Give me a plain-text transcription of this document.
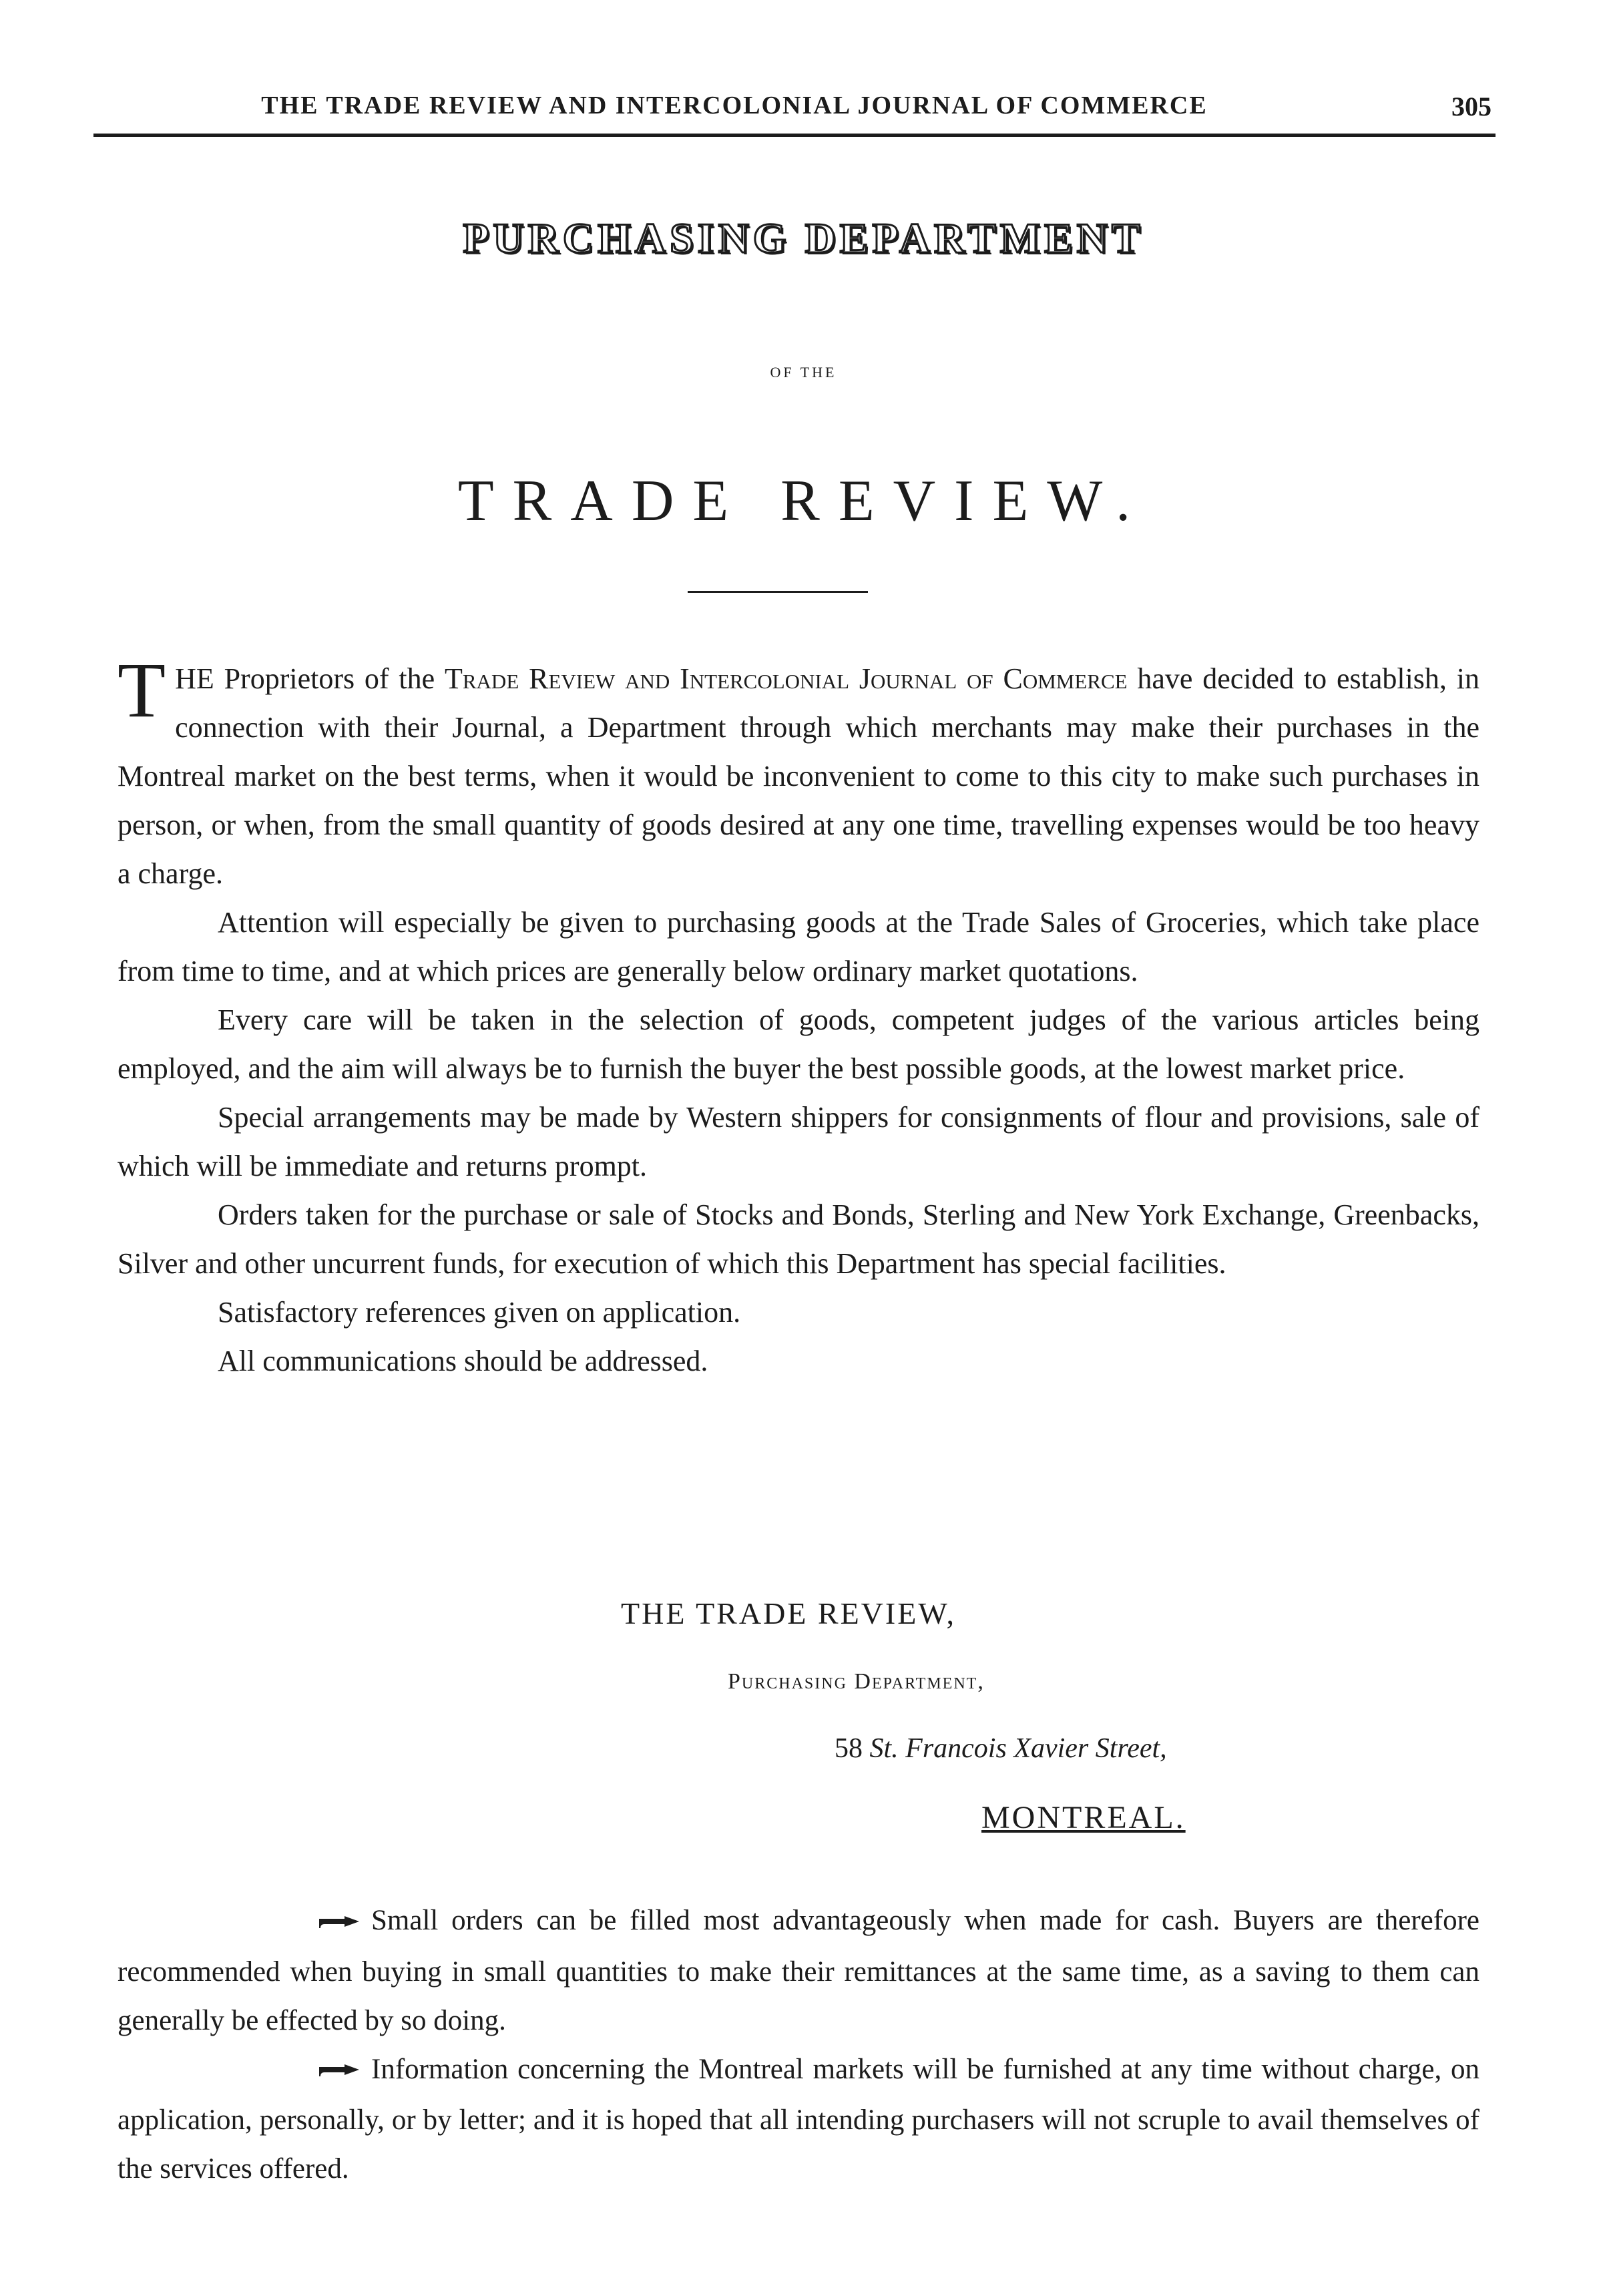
THE TRADE REVIEW AND INTERCOLONIAL JOURNAL OF COMMERCE	305
PURCHASING DEPARTMENT
OF THE
TRADE REVIEW.

THE Proprietors of the Trade Review and Intercolonial Journal of Commerce have decided to establish, in connection with their Journal, a Department through which merchants may make their purchases in the Montreal market on the best terms, when it would be inconvenient to come to this city to make such purchases in person, or when, from the small quantity of goods desired at any one time, travelling expenses would be too heavy a charge.

Attention will especially be given to purchasing goods at the Trade Sales of Groceries, which take place from time to time, and at which prices are generally below ordinary market quotations.

Every care will be taken in the selection of goods, competent judges of the various articles being employed, and the aim will always be to furnish the buyer the best possible goods, at the lowest market price.

Special arrangements may be made by Western shippers for consignments of flour and provisions, sale of which will be immediate and returns prompt.

Orders taken for the purchase or sale of Stocks and Bonds, Sterling and New York Exchange, Greenbacks, Silver and other uncurrent funds, for execution of which this Department has special facilities.

Satisfactory references given on application.

All communications should be addressed.

THE TRADE REVIEW,
Purchasing Department,
58 St. Francois Xavier Street,
MONTREAL.

Small orders can be filled most advantageously when made for cash. Buyers are therefore recommended when buying in small quantities to make their remittances at the same time, as a saving to them can generally be effected by so doing.

Information concerning the Montreal markets will be furnished at any time without charge, on application, personally, or by letter; and it is hoped that all intending purchasers will not scruple to avail themselves of the services offered.
